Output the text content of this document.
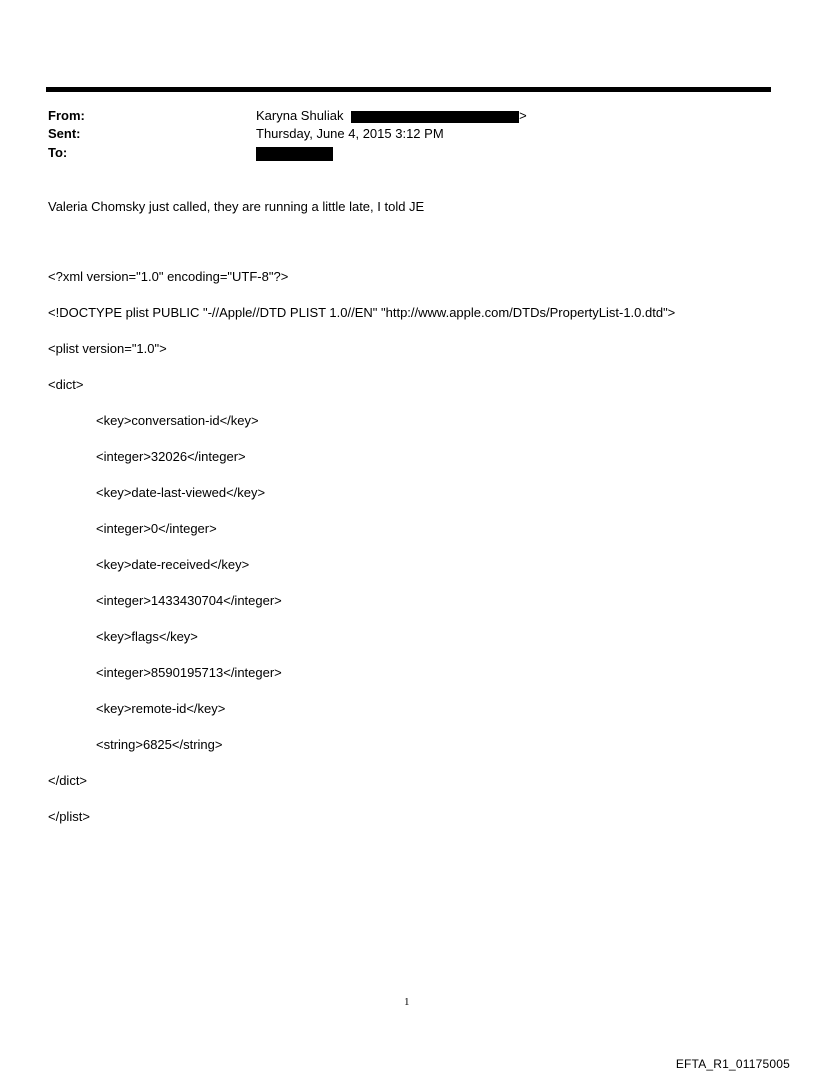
From:	Karyna Shuliak	>
Sent:	Thursday, June 4, 2015 3:12 PM
To:
Valeria Chomsky just called, they are running a little late, I told JE

<?xml version="1.0" encoding="UTF-8"?>

<!DOCTYPE plist PUBLIC "-//Apple//DTD PLIST 1.0//EN" "http://www.apple.com/DTDs/PropertyList-1.0.dtd">

<plist version="1.0">

<dict>

<key>conversation-id</key>

<integer>32026</integer>

<key>date-last-viewed</key>

<integer>0</integer>

<key>date-received</key>

<integer>1433430704</integer>

<key>flags</key>

<integer>8590195713</integer>

<key>remote-id</key>

<string>6825</string>

</dict>

</plist>

1
EFTA_R1_01175005
